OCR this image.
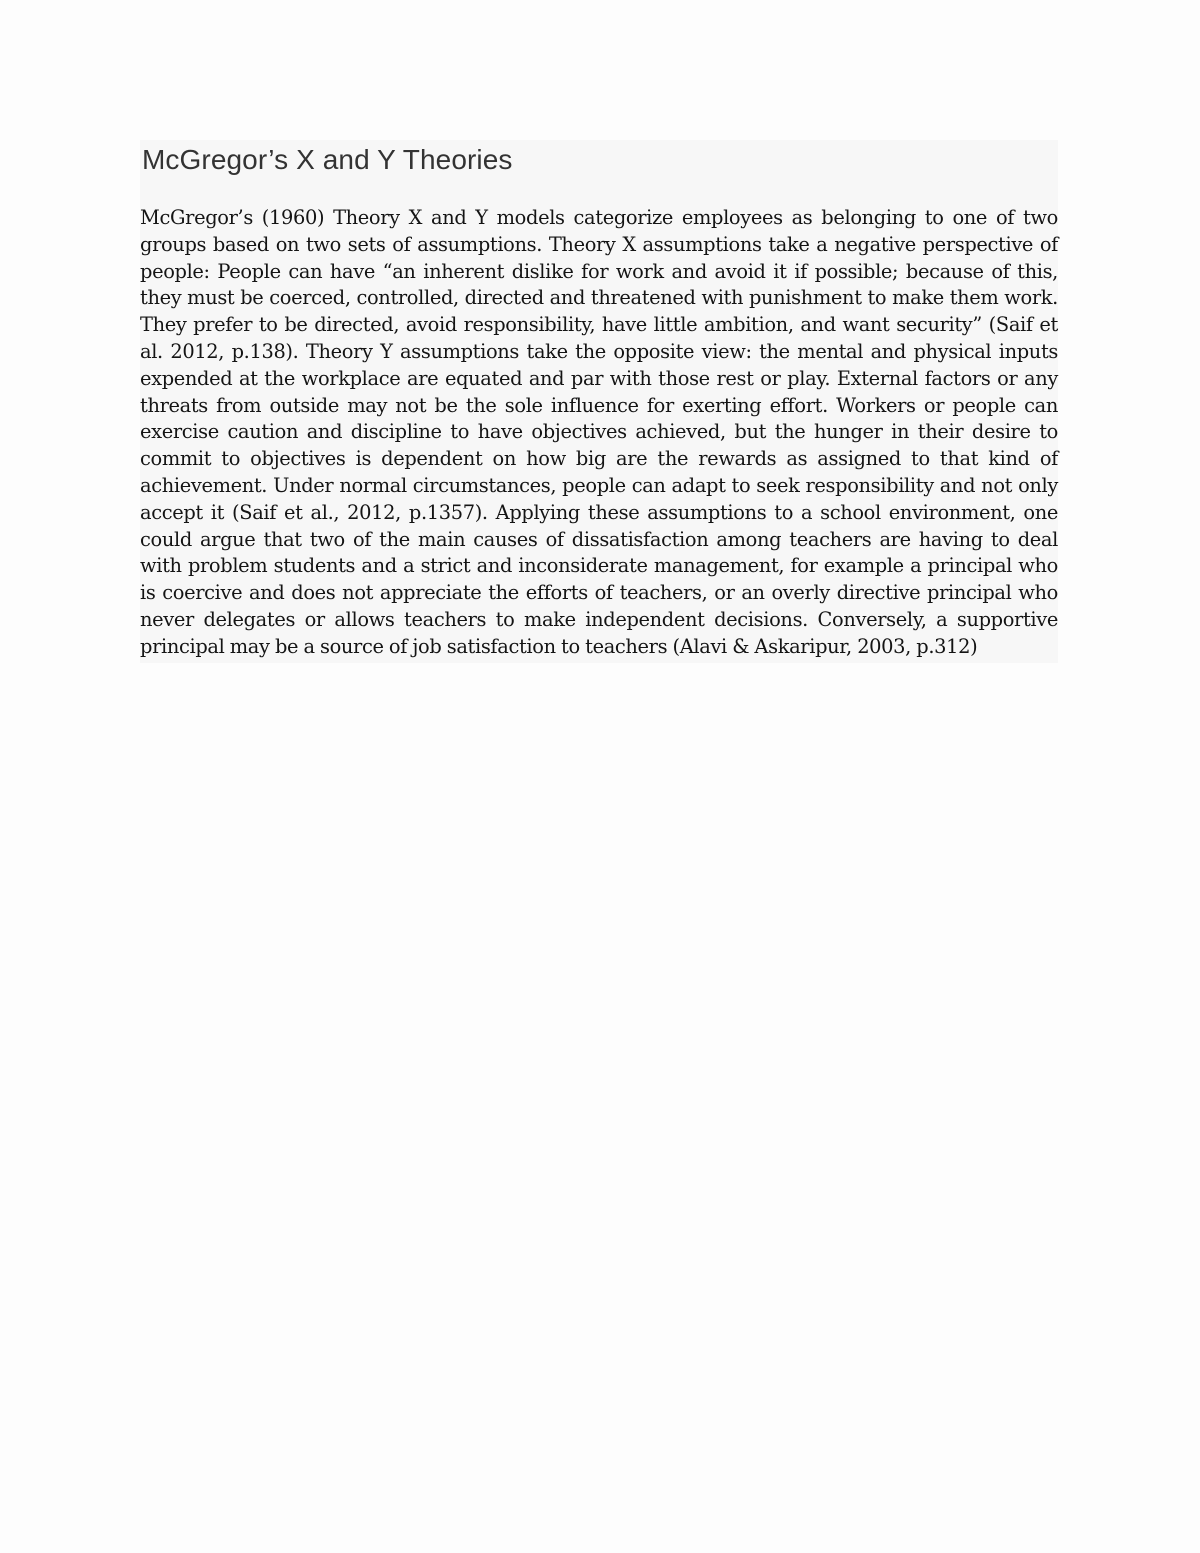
McGregor’s X and Y Theories

McGregor’s (1960) Theory X and Y models categorize employees as belonging to one of two groups based on two sets of assumptions. Theory X assumptions take a negative perspective of people: People can have “an inherent dislike for work and avoid it if possible; because of this, they must be coerced, controlled, directed and threatened with punishment to make them work. They prefer to be directed, avoid responsibility, have little ambition, and want security” (Saif et al. 2012, p.138). Theory Y assumptions take the opposite view: the mental and physical inputs expended at the workplace are equated and par with those rest or play. External factors or any threats from outside may not be the sole influence for exerting effort. Workers or people can exercise caution and discipline to have objectives achieved, but the hunger in their desire to commit to objectives is dependent on how big are the rewards as assigned to that kind of achievement. Under normal circumstances, people can adapt to seek responsibility and not only accept it (Saif et al., 2012, p.1357). Applying these assumptions to a school environment, one could argue that two of the main causes of dissatisfaction among teachers are having to deal with problem students and a strict and inconsiderate management, for example a principal who is coercive and does not appreciate the efforts of teachers, or an overly directive principal who never delegates or allows teachers to make independent decisions. Conversely, a supportive principal may be a source of job satisfaction to teachers (Alavi & Askaripur, 2003, p.312)
